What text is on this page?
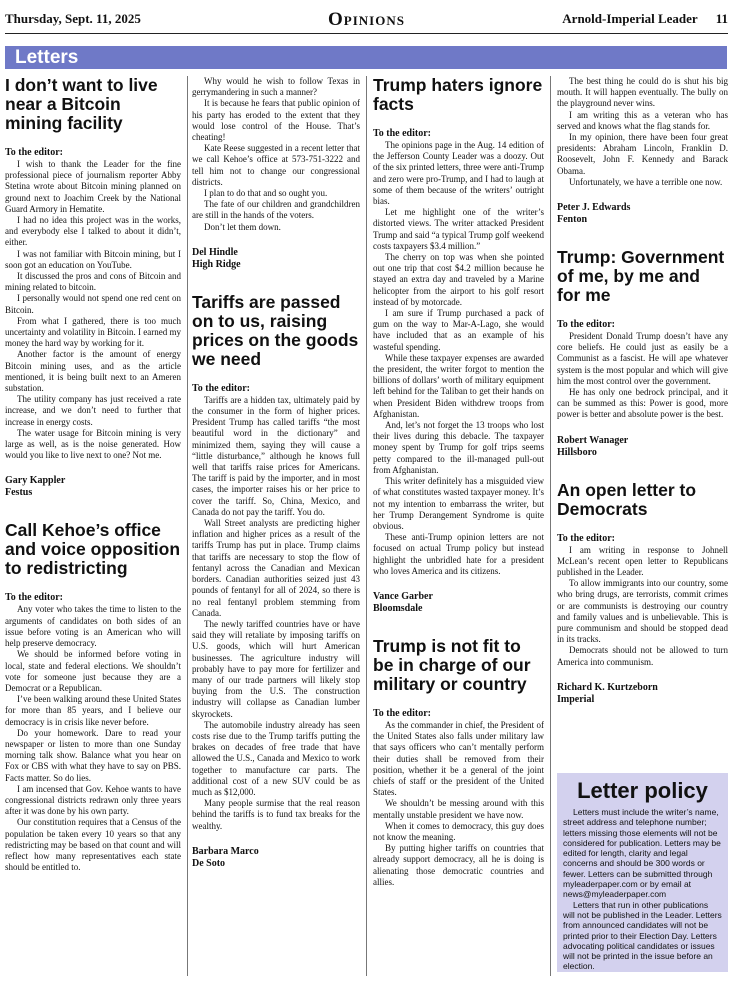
Thursday, Sept. 11, 2025	Opinions	Arnold-Imperial Leader 11
Letters
I don’t want to live near a Bitcoin mining facility

To the editor:

I wish to thank the Leader for the fine professional piece of journalism reporter Abby Stetina wrote about Bitcoin mining planned on ground next to Joachim Creek by the National Guard Armory in Hematite.

I had no idea this project was in the works, and everybody else I talked to about it didn’t, either.

I was not familiar with Bitcoin mining, but I soon got an education on YouTube.

It discussed the pros and cons of Bitcoin and mining related to bitcoin.

I personally would not spend one red cent on Bitcoin.

From what I gathered, there is too much uncertainty and volatility in Bitcoin. I earned my money the hard way by working for it.

Another factor is the amount of energy Bitcoin mining uses, and as the article mentioned, it is being built next to an Ameren substation.

The utility company has just received a rate increase, and we don’t need to further that increase in energy costs.

The water usage for Bitcoin mining is very large as well, as is the noise generated. How would you like to live next to one? Not me.

Gary Kappler

Festus

Call Kehoe’s office and voice opposition to redistricting

To the editor:

Any voter who takes the time to listen to the arguments of candidates on both sides of an issue before voting is an American who will help preserve democracy.

We should be informed before voting in local, state and federal elections. We shouldn’t vote for someone just because they are a Democrat or a Republican.

I’ve been walking around these United States for more than 85 years, and I believe our democracy is in crisis like never before.

Do your homework. Dare to read your newspaper or listen to more than one Sunday morning talk show. Balance what you hear on Fox or CBS with what they have to say on PBS. Facts matter. So do lies.

I am incensed that Gov. Kehoe wants to have congressional districts redrawn only three years after it was done by his own party.

Our constitution requires that a Census of the population be taken every 10 years so that any redistricting may be based on that count and will reflect how many representatives each state should be entitled to.

Why would he wish to follow Texas in gerrymandering in such a manner?

It is because he fears that public opinion of his party has eroded to the extent that they would lose control of the House. That’s cheating!

Kate Reese suggested in a recent letter that we call Kehoe’s office at 573-751-3222 and tell him not to change our congressional districts.

I plan to do that and so ought you.

The fate of our children and grandchildren are still in the hands of the voters.

Don’t let them down.

Del Hindle

High Ridge

Tariffs are passed on to us, raising prices on the goods we need

To the editor:

Tariffs are a hidden tax, ultimately paid by the consumer in the form of higher prices. President Trump has called tariffs “the most beautiful word in the dictionary” and minimized them, saying they will cause a “little disturbance,” although he knows full well that tariffs raise prices for Americans. The tariff is paid by the importer, and in most cases, the importer raises his or her price to cover the tariff. So, China, Mexico, and Canada do not pay the tariff. You do.

Wall Street analysts are predicting higher inflation and higher prices as a result of the tariffs Trump has put in place. Trump claims that tariffs are necessary to stop the flow of fentanyl across the Canadian and Mexican borders. Canadian authorities seized just 43 pounds of fentanyl for all of 2024, so there is no real fentanyl problem stemming from Canada.

The newly tariffed countries have or have said they will retaliate by imposing tariffs on U.S. goods, which will hurt American businesses. The agriculture industry will probably have to pay more for fertilizer and many of our trade partners will likely stop buying from the U.S. The construction industry will collapse as Canadian lumber skyrockets.

The automobile industry already has seen costs rise due to the Trump tariffs putting the brakes on decades of free trade that have allowed the U.S., Canada and Mexico to work together to manufacture car parts. The additional cost of a new SUV could be as much as $12,000.

Many people surmise that the real reason behind the tariffs is to fund tax breaks for the wealthy.

Barbara Marco

De Soto

Trump haters ignore facts

To the editor:

The opinions page in the Aug. 14 edition of the Jefferson County Leader was a doozy. Out of the six printed letters, three were anti-Trump and zero were pro-Trump, and I had to laugh at some of them because of the writers’ outright bias.

Let me highlight one of the writer’s distorted views. The writer attacked President Trump and said “a typical Trump golf weekend costs taxpayers $3.4 million.”

The cherry on top was when she pointed out one trip that cost $4.2 million because he stayed an extra day and traveled by a Marine helicopter from the airport to his golf resort instead of by motorcade.

I am sure if Trump purchased a pack of gum on the way to Mar-A-Lago, she would have included that as an example of his wasteful spending.

While these taxpayer expenses are awarded the president, the writer forgot to mention the billions of dollars’ worth of military equipment left behind for the Taliban to get their hands on when President Biden withdrew troops from Afghanistan.

And, let’s not forget the 13 troops who lost their lives during this debacle. The taxpayer money spent by Trump for golf trips seems petty compared to the ill-managed pull-out from Afghanistan.

This writer definitely has a misguided view of what constitutes wasted taxpayer money. It’s not my intention to embarrass the writer, but her Trump Derangement Syndrome is quite obvious.

These anti-Trump opinion letters are not focused on actual Trump policy but instead highlight the unbridled hate for a president who loves America and its citizens.

Vance Garber

Bloomsdale

Trump is not fit to be in charge of our military or country

To the editor:

As the commander in chief, the President of the United States also falls under military law that says officers who can’t mentally perform their duties shall be removed from their position, whether it be a general of the joint chiefs of staff or the president of the United States.

We shouldn’t be messing around with this mentally unstable president we have now.

When it comes to democracy, this guy does not know the meaning.

By putting higher tariffs on countries that already support democracy, all he is doing is alienating those democratic countries and allies.

The best thing he could do is shut his big mouth. It will happen eventually. The bully on the playground never wins.

I am writing this as a veteran who has served and knows what the flag stands for.

In my opinion, there have been four great presidents: Abraham Lincoln, Franklin D. Roosevelt, John F. Kennedy and Barack Obama.

Unfortunately, we have a terrible one now.

Peter J. Edwards

Fenton

Trump: Government of me, by me and for me

To the editor:

President Donald Trump doesn’t have any core beliefs. He could just as easily be a Communist as a fascist. He will ape whatever system is the most popular and which will give him the most control over the government.

He has only one bedrock principal, and it can be summed as this: Power is good, more power is better and absolute power is the best.

Robert Wanager

Hillsboro

An open letter to Democrats

To the editor:

I am writing in response to Johnell McLean’s recent open letter to Republicans published in the Leader.

To allow immigrants into our country, some who bring drugs, are terrorists, commit crimes or are communists is destroying our country and family values and is unbelievable. This is pure communism and should be stopped dead in its tracks.

Democrats should not be allowed to turn America into communism.

Richard K. Kurtzeborn

Imperial

Letter policy

Letters must include the writer’s name, street address and telephone number; letters missing those elements will not be considered for publication. Letters may be edited for length, clarity and legal concerns and should be 300 words or fewer. Letters can be submitted through myleaderpaper.com or by email at news@myleaderpaper.com

Letters that run in other publications will not be published in the Leader. Letters from announced candidates will not be printed prior to their Election Day. Letters advocating political candidates or issues will not be printed in the issue before an election.
